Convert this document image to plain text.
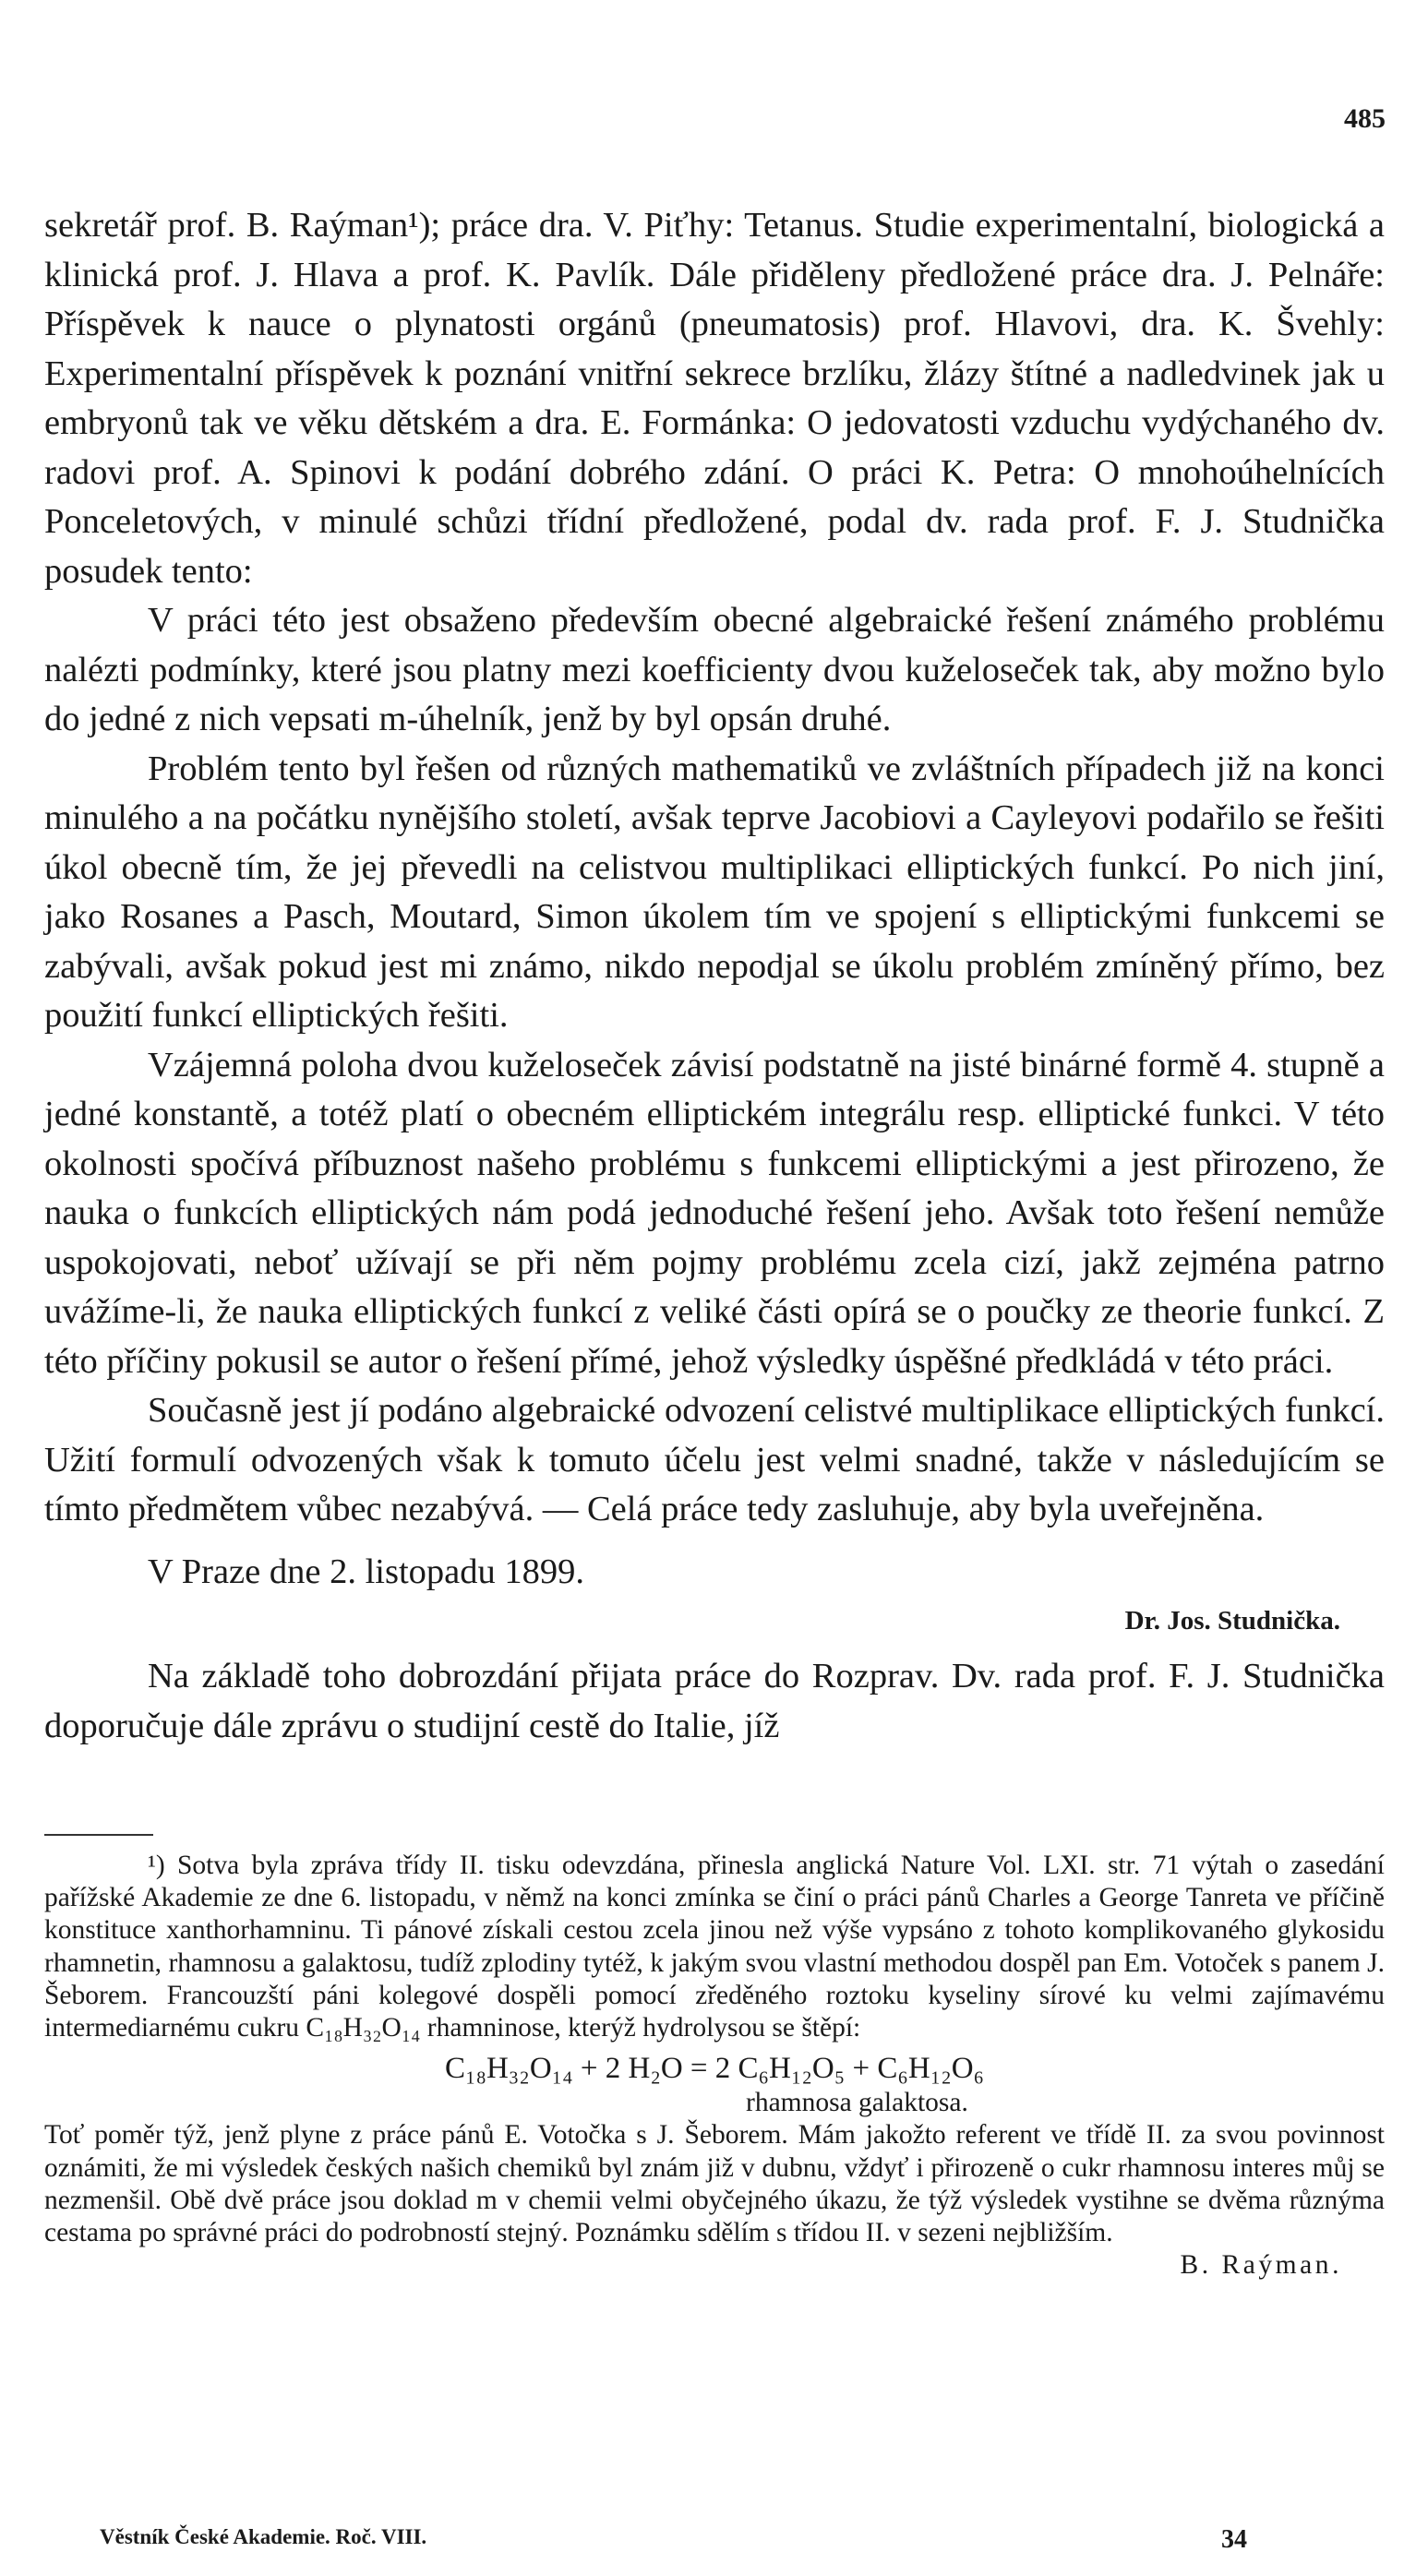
485

sekretář prof. B. Raýman¹); práce dra. V. Piťhy: Tetanus. Studie experimentalní, biologická a klinická prof. J. Hlava a prof. K. Pavlík. Dále přiděleny předložené práce dra. J. Pelnáře: Příspěvek k nauce o plynatosti orgánů (pneumatosis) prof. Hlavovi, dra. K. Švehly: Experimentalní příspěvek k poznání vnitřní sekrece brzlíku, žlázy štítné a nadledvinek jak u embryonů tak ve věku dětském a dra. E. Formánka: O jedovatosti vzduchu vydýchaného dv. radovi prof. A. Spinovi k podání dobrého zdání. O práci K. Petra: O mnohoúhelnících Ponceletových, v minulé schůzi třídní předložené, podal dv. rada prof. F. J. Studnička posudek tento:

V práci této jest obsaženo především obecné algebraické řešení známého problému nalézti podmínky, které jsou platny mezi koefficienty dvou kuželoseček tak, aby možno bylo do jedné z nich vepsati m-úhelník, jenž by byl opsán druhé.

Problém tento byl řešen od různých mathematiků ve zvláštních případech již na konci minulého a na počátku nynějšího století, avšak teprve Jacobiovi a Cayleyovi podařilo se řešiti úkol obecně tím, že jej převedli na celistvou multiplikaci elliptických funkcí. Po nich jiní, jako Rosanes a Pasch, Moutard, Simon úkolem tím ve spojení s elliptickými funkcemi se zabývali, avšak pokud jest mi známo, nikdo nepodjal se úkolu problém zmíněný přímo, bez použití funkcí elliptických řešiti.

Vzájemná poloha dvou kuželoseček závisí podstatně na jisté binárné formě 4. stupně a jedné konstantě, a totéž platí o obecném elliptickém integrálu resp. elliptické funkci. V této okolnosti spočívá příbuznost našeho problému s funkcemi elliptickými a jest přirozeno, že nauka o funkcích elliptických nám podá jednoduché řešení jeho. Avšak toto řešení nemůže uspokojovati, neboť užívají se při něm pojmy problému zcela cizí, jakž zejména patrno uvážíme-li, že nauka elliptických funkcí z veliké části opírá se o poučky ze theorie funkcí. Z této příčiny pokusil se autor o řešení přímé, jehož výsledky úspěšné předkládá v této práci.

Současně jest jí podáno algebraické odvození celistvé multiplikace elliptických funkcí. Užití formulí odvozených však k tomuto účelu jest velmi snadné, takže v následujícím se tímto předmětem vůbec nezabývá. — Celá práce tedy zasluhuje, aby byla uveřejněna.

V Praze dne 2. listopadu 1899.

Dr. Jos. Studnička.

Na základě toho dobrozdání přijata práce do Rozprav. Dv. rada prof. F. J. Studnička doporučuje dále zprávu o studijní cestě do Italie, jíž

¹) Sotva byla zpráva třídy II. tisku odevzdána, přinesla anglická Nature Vol. LXI. str. 71 výtah o zasedání pařížské Akademie ze dne 6. listopadu, v němž na konci zmínka se činí o práci pánů Charles a George Tanreta ve příčině konstituce xanthorhamninu. Ti pánové získali cestou zcela jinou než výše vypsáno z tohoto komplikovaného glykosidu rhamnetin, rhamnosu a galaktosu, tudíž zplodiny tytéž, k jakým svou vlastní methodou dospěl pan Em. Votoček s panem J. Šeborem. Francouzští páni kolegové dospěli pomocí zředěného roztoku kyseliny sírové ku velmi zajímavému intermediarnému cukru C₁₈H₃₂O₁₄ rhamninose, kterýž hydrolysou se štěpí:

C₁₈H₃₂O₁₄ + 2 H₂O = 2 C₆H₁₂O₅ + C₆H₁₂O₆

rhamnosa galaktosa.

Toť poměr týž, jenž plyne z práce pánů E. Votočka s J. Šeborem. Mám jakožto referent ve třídě II. za svou povinnost oznámiti, že mi výsledek českých našich chemiků byl znám již v dubnu, vždyť i přirozeně o cukr rhamnosu interes můj se nezmenšil. Obě dvě práce jsou doklad m v chemii velmi obyčejného úkazu, že týž výsledek vystihne se dvěma různýma cestama po správné práci do podrobností stejný. Poznámku sdělím s třídou II. v sezeni nejbližším.

B. Raýman.

Věstník České Akademie. Roč. VIII.	34
